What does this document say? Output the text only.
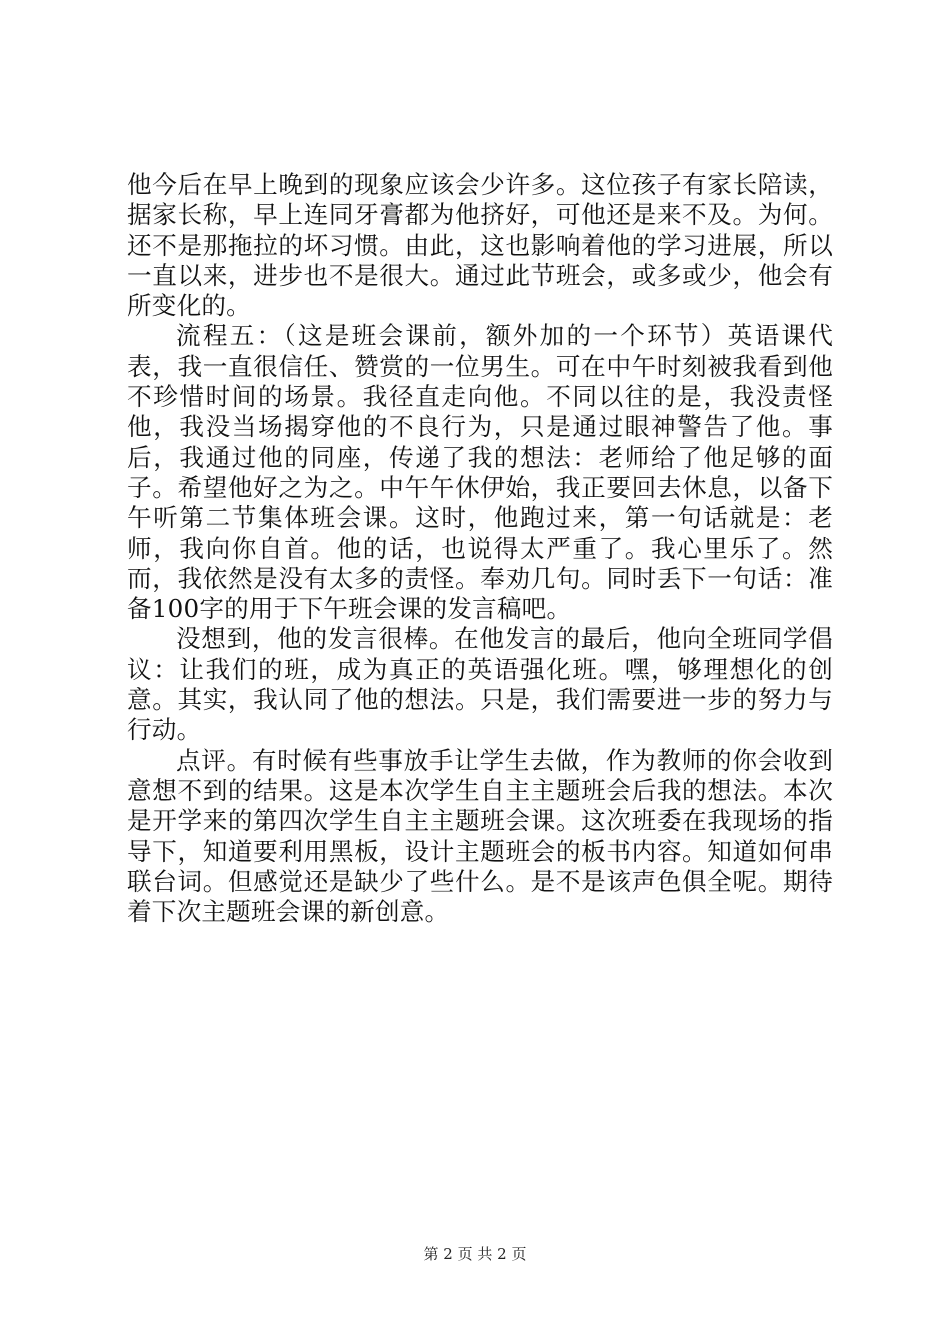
他今后在早上晚到的现象应该会少许多。这位孩子有家长陪读，据家长称，早上连同牙膏都为他挤好，可他还是来不及。为何。还不是那拖拉的坏习惯。由此，这也影响着他的学习进展，所以一直以来，进步也不是很大。通过此节班会，或多或少，他会有所变化的。

流程五：（这是班会课前，额外加的一个环节）英语课代表，我一直很信任、赞赏的一位男生。可在中午时刻被我看到他不珍惜时间的场景。我径直走向他。不同以往的是，我没责怪他，我没当场揭穿他的不良行为，只是通过眼神警告了他。事后，我通过他的同座，传递了我的想法：老师给了他足够的面子。希望他好之为之。中午午休伊始，我正要回去休息，以备下午听第二节集体班会课。这时，他跑过来，第一句话就是：老师，我向你自首。他的话，也说得太严重了。我心里乐了。然而，我依然是没有太多的责怪。奉劝几句。同时丢下一句话：准备100字的用于下午班会课的发言稿吧。

没想到，他的发言很棒。在他发言的最后，他向全班同学倡议：让我们的班，成为真正的英语强化班。嘿，够理想化的创意。其实，我认同了他的想法。只是，我们需要进一步的努力与行动。

点评。有时候有些事放手让学生去做，作为教师的你会收到意想不到的结果。这是本次学生自主主题班会后我的想法。本次是开学来的第四次学生自主主题班会课。这次班委在我现场的指导下，知道要利用黑板，设计主题班会的板书内容。知道如何串联台词。但感觉还是缺少了些什么。是不是该声色俱全呢。期待着下次主题班会课的新创意。

第 2 页 共 2 页
